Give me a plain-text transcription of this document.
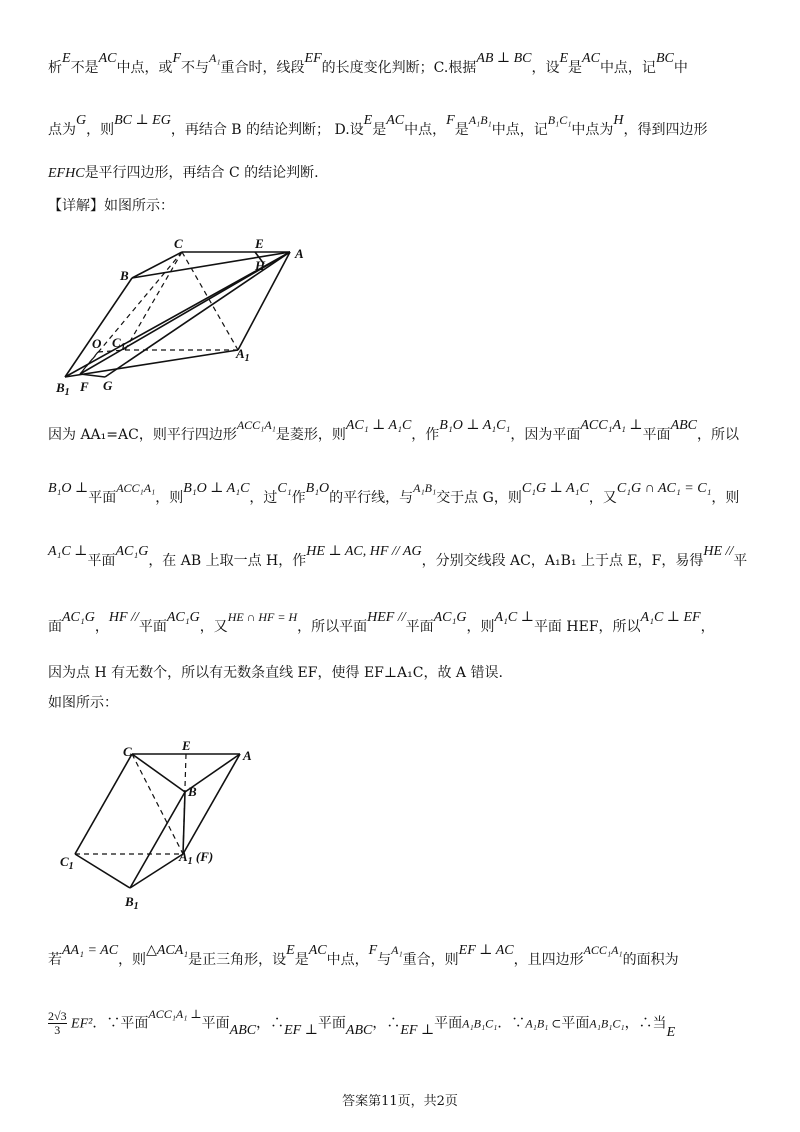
析E不是AC中点，或F不与A₁重合时，线段EF的长度变化判断；C.根据AB ⊥ BC，设E是AC中点，记BC中
点为G，则BC ⊥ EG，再结合 B 的结论判断； D.设E是AC中点，F是A₁B₁中点，记B₁C₁中点为H，得到四边形
EFHC是平行四边形，再结合 C 的结论判断.
【详解】如图所示：
C	E
A
B
H
O $C_1$	$A_1$
$B_1$ F G
因为 AA₁=AC，则平行四边形ACC₁A₁是菱形，则AC₁ ⊥ A₁C，作B₁O ⊥ A₁C₁，因为平面ACC₁A₁ ⊥平面ABC，所以
B₁O ⊥平面ACC₁A₁，则B₁O ⊥ A₁C，过C₁作B₁O的平行线，与A₁B₁交于点 G，则C₁G ⊥ A₁C，又C₁G ∩ AC₁ = C₁，则
A₁C ⊥平面AC₁G，在 AB 上取一点 H，作HE ⊥ AC, HF // AG，分别交线段 AC，A₁B₁ 上于点 E，F，易得HE //平
面AC₁G，HF //平面AC₁G，又HE ∩ HF = H，所以平面HEF //平面AC₁G，则A₁C ⊥平面 HEF，所以A₁C ⊥ EF，
因为点 H 有无数个，所以有无数条直线 EF，使得 EF⊥A₁C，故 A 错误.
如图所示：
C	E
A
B
$C_1$
$A_1$ (F)
$B_1$
若AA₁ = AC，则△ACA₁是正三角形，设E是AC中点，F与A₁重合，则EF ⊥ AC，且四边形ACC₁A₁的面积为
$\frac{2√3}{3} EF^2$．∵平面ACC₁A₁ ⊥平面ABC，∴EF ⊥平面ABC，∴EF ⊥平面A₁B₁C₁．∵A₁B₁ ⊂平面A₁B₁C₁，∴当E
答案第11页，共2页
